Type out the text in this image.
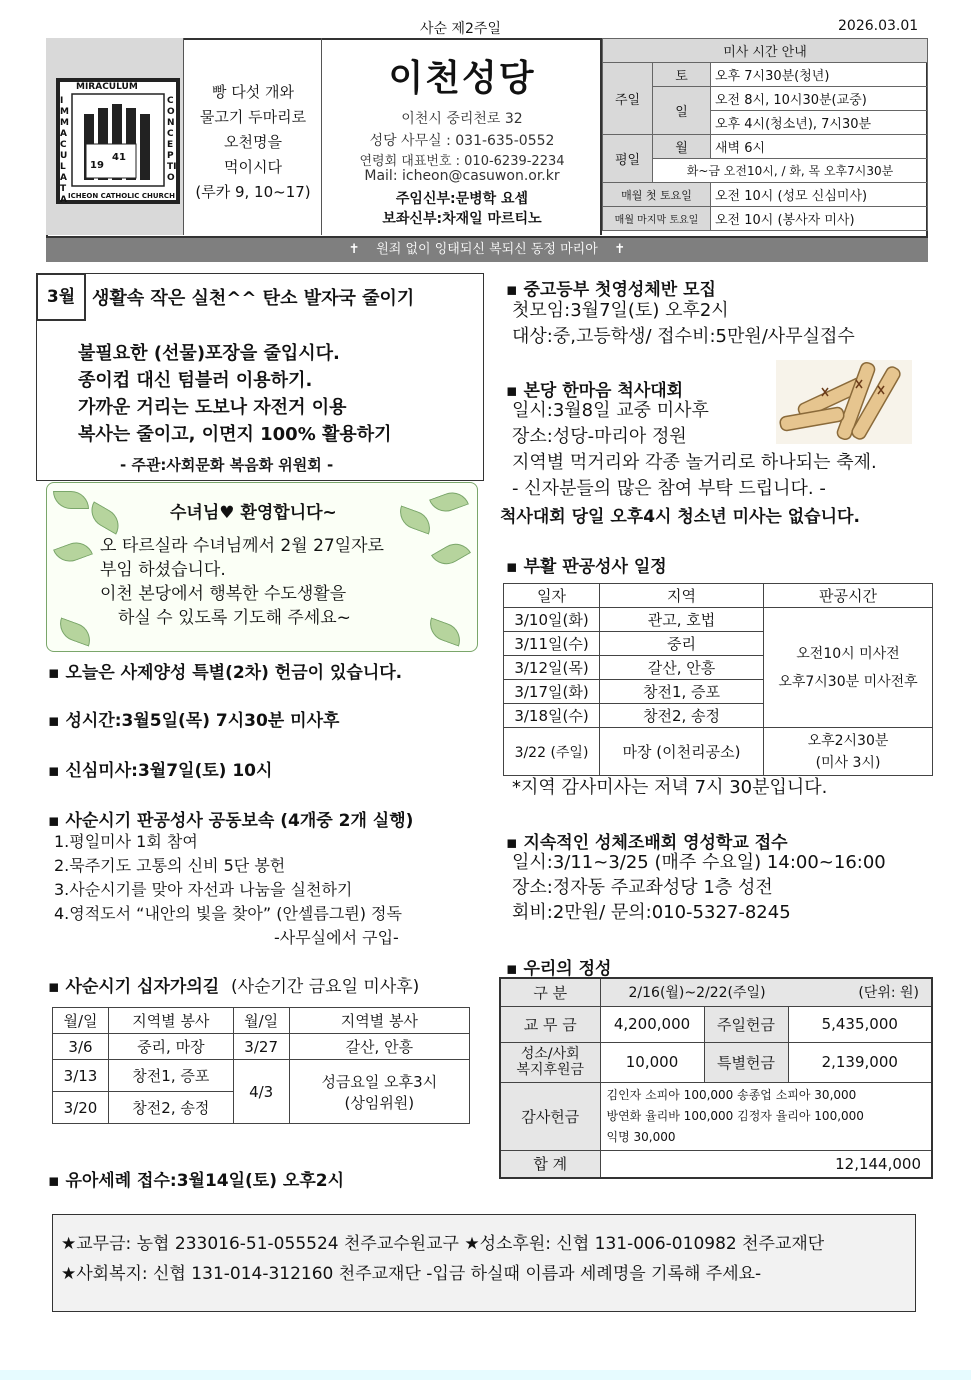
사순 제2주일	2026.03.01
MIRACULUM
IMMACULATA
CONCEPTIO
ICHEON CATHOLIC CHURCH
19
41
빵 다섯 개와
물고기 두마리로
오천명을
먹이시다
(루카 9, 10~17)
이천성당
이천시 중리천로 32
성당 사무실 : 031-635-0552
연령회 대표번호 : 010-6239-2234
Mail: icheon@casuwon.or.kr
주임신부:문병학 요셉
보좌신부:차재일 마르티노
미사 시간 안내		
주일	토	오후 7시30분(청년)
	일	오전 8시, 10시30분(교중)
		오후 4시(청소년), 7시30분
평일	월	새벽 6시
	화~금 오전10시, / 화, 목 오후7시30분	
매월 첫 토요일		오전 10시 (성모 신심미사)
매월 마지막 토요일		오전 10시 (봉사자 미사)
✝ 원죄 없이 잉태되신 복되신 동정 마리아 ✝
3월 생활속 작은 실천^^ 탄소 발자국 줄이기
불필요한 (선물)포장을 줄입시다.
종이컵 대신 텀블러 이용하기.
가까운 거리는 도보나 자전거 이용
복사는 줄이고, 이면지 100% 활용하기
- 주관:사회문화 복음화 위원회 -
수녀님♥ 환영합니다~
오 타르실라 수녀님께서 2월 27일자로
부임 하셨습니다.
이천 본당에서 행복한 수도생활을
하실 수 있도록 기도해 주세요~
▪ 오늘은 사제양성 특별(2차) 헌금이 있습니다.
▪ 성시간:3월5일(목) 7시30분 미사후
▪ 신심미사:3월7일(토) 10시
▪ 사순시기 판공성사 공동보속 (4개중 2개 실행)
1.평일미사 1회 참여
2.묵주기도 고통의 신비 5단 봉헌
3.사순시기를 맞아 자선과 나눔을 실천하기
4.영적도서 “내안의 빛을 찾아” (안셀름그륀) 정독
-사무실에서 구입-
▪ 사순시기 십자가의길 (사순기간 금요일 미사후)
월/일	지역별 봉사	월/일	지역별 봉사
3/6	중리, 마장	3/27	갈산, 안흥
3/13	창전1, 증포	4/3	성금요일 오후3시
(상임위원)

3/20	창전2, 송정		
▪ 유아세례 접수:3월14일(토) 오후2시
▪ 중고등부 첫영성체반 모집
첫모임:3월7일(토) 오후2시
대상:중,고등학생/ 접수비:5만원/사무실접수
▪ 본당 한마음 척사대회
일시:3월8일 교중 미사후
장소:성당-마리아 정원
지역별 먹거리와 각종 놀거리로 하나되는 축제.
- 신자분들의 많은 참여 부탁 드립니다. -
척사대회 당일 오후4시 청소년 미사는 없습니다.
▪ 부활 판공성사 일정
일자	지역	판공시간
3/10일(화)	관고, 호법	오전10시 미사전
오후7시30분 미사전후

3/11일(수)	중리	
3/12일(목)	갈산, 안흥	
3/17일(화)	창전1, 증포	
3/18일(수)	창전2, 송정	
3/22 (주일)	마장 (이천리공소)	오후2시30분
(미사 3시)
*지역 감사미사는 저녁 7시 30분입니다.
▪ 지속적인 성체조배회 영성학교 접수
일시:3/11~3/25 (매주 수요일) 14:00~16:00
장소:정자동 주교좌성당 1층 성전
회비:2만원/ 문의:010-5327-8245
▪ 우리의 정성
구 분	2/16(월)~2/22(주일) (단위: 원)		

교 무 금	4,200,000	주일헌금	5,435,000

성소/사회
복지후원금	10,000	특별헌금	2,139,000
감사헌금	김인자 소피아 100,000 송종업 소피아 30,000
방연화 율리바 100,000 김정자 율리아 100,000
익명 30,000		

합 계	12,144,000		
★교무금: 농협 233016-51-055524 천주교수원교구 ★성소후원: 신협 131-006-010982 천주교재단
★사회복지: 신협 131-014-312160 천주교재단 -입금 하실때 이름과 세례명을 기록해 주세요-
